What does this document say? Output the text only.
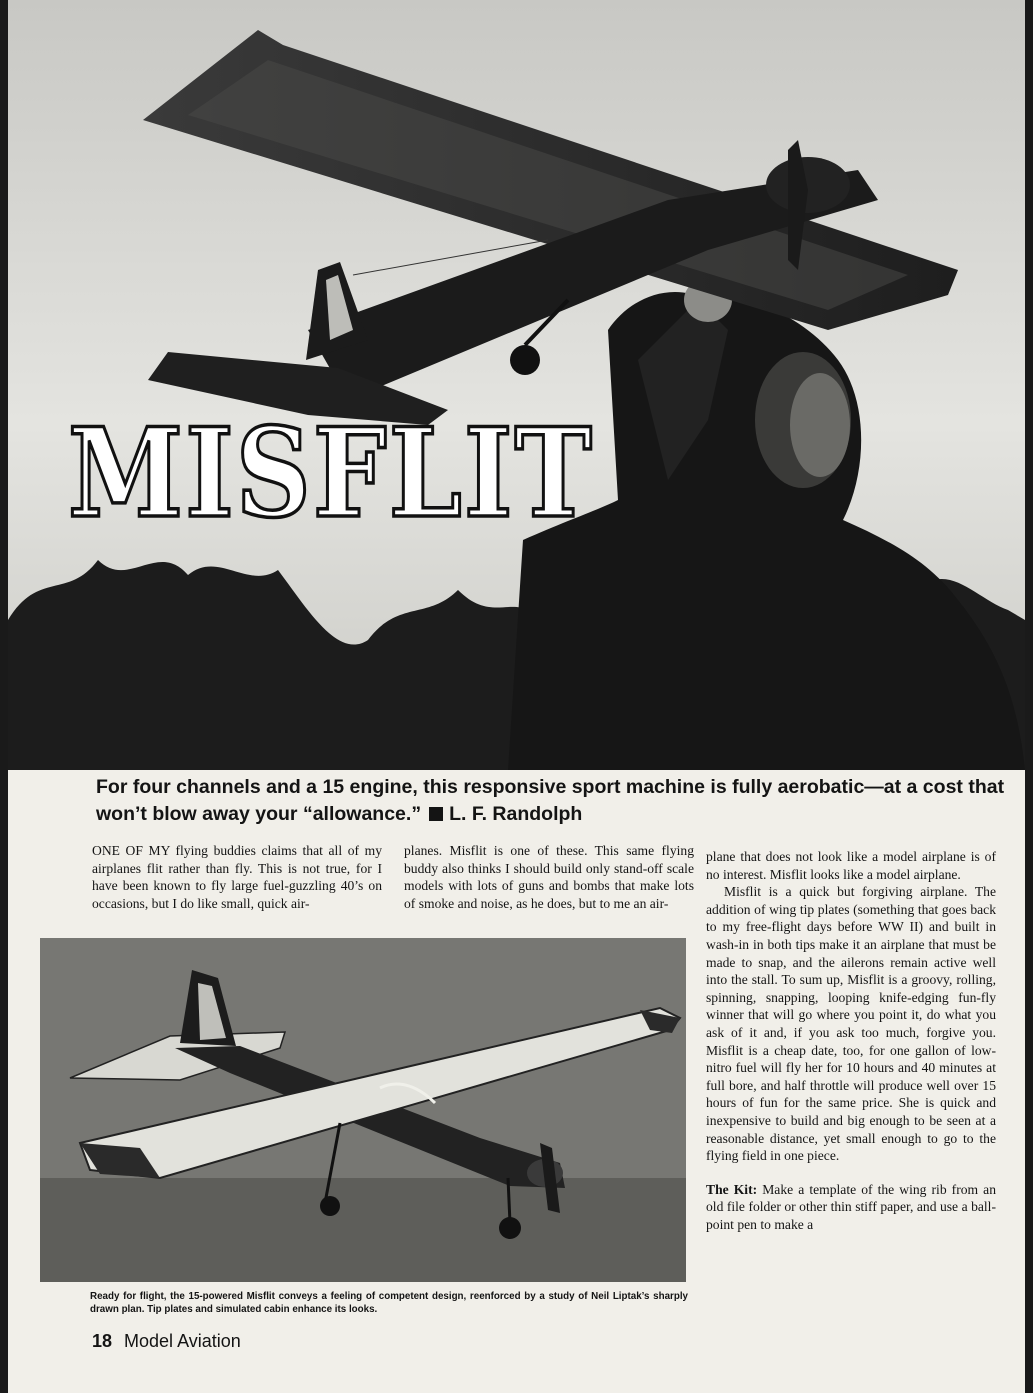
MISFLIT
For four channels and a 15 engine, this responsive sport machine is fully aerobatic—at a cost that won’t blow away your “allowance.” L. F. Randolph

ONE OF MY flying buddies claims that all of my airplanes flit rather than fly. This is not true, for I have been known to fly large fuel-guzzling 40’s on occasions, but I do like small, quick air-

planes. Misflit is one of these. This same flying buddy also thinks I should build only stand-off scale models with lots of guns and bombs that make lots of smoke and noise, as he does, but to me an air-

plane that does not look like a model airplane is of no interest. Misflit looks like a model airplane.

Misflit is a quick but forgiving airplane. The addition of wing tip plates (something that goes back to my free-flight days before WW II) and built in wash-in in both tips make it an airplane that must be made to snap, and the ailerons remain active well into the stall. To sum up, Misflit is a groovy, rolling, spinning, snapping, looping knife-edging fun-fly winner that will go where you point it, do what you ask of it and, if you ask too much, forgive you. Misflit is a cheap date, too, for one gallon of low-nitro fuel will fly her for 10 hours and 40 minutes at full bore, and half throttle will produce well over 15 hours of fun for the same price. She is quick and inexpensive to build and big enough to be seen at a reasonable distance, yet small enough to go to the flying field in one piece.

The Kit: Make a template of the wing rib from an old file folder or other thin stiff paper, and use a ball-point pen to make a

Ready for flight, the 15-powered Misflit conveys a feeling of competent design, reenforced by a study of Neil Liptak’s sharply drawn plan. Tip plates and simulated cabin enhance its looks.
18 Model Aviation
